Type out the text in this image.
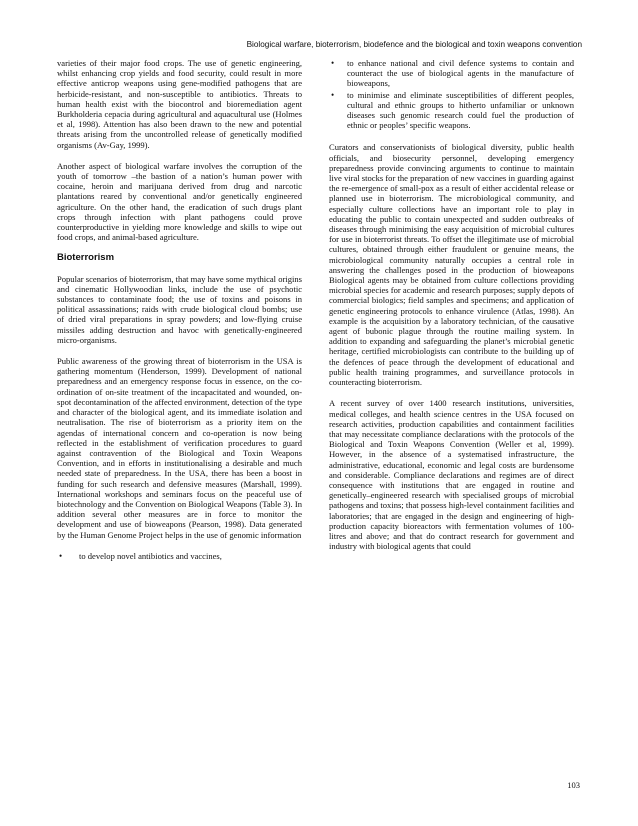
Biological warfare, bioterrorism, biodefence and the biological and toxin weapons convention

varieties of their major food crops. The use of genetic engineering, whilst enhancing crop yields and food security, could result in more effective anticrop weapons using gene-modified pathogens that are herbicide-resistant, and non-susceptible to antibiotics. Threats to human health exist with the biocontrol and bioremediation agent Burkholderia cepacia during agricultural and aquacultural use (Holmes et al, 1998). Attention has also been drawn to the new and potential threats arising from the uncontrolled release of genetically modified organisms (Av-Gay, 1999).

Another aspect of biological warfare involves the corruption of the youth of tomorrow –the bastion of a nation’s human power with cocaine, heroin and marijuana derived from drug and narcotic plantations reared by conventional and/or genetically engineered agriculture. On the other hand, the eradication of such drugs plant crops through infection with plant pathogens could prove counterproductive in yielding more knowledge and skills to wipe out food crops, and animal-based agriculture.

Bioterrorism

Popular scenarios of bioterrorism, that may have some mythical origins and cinematic Hollywoodian links, include the use of psychotic substances to contaminate food; the use of toxins and poisons in political assassinations; raids with crude biological cloud bombs; use of dried viral preparations in spray powders; and low-flying cruise missiles adding destruction and havoc with genetically-engineered micro-organisms.

Public awareness of the growing threat of bioterrorism in the USA is gathering momentum (Henderson, 1999). Development of national preparedness and an emergency response focus in essence, on the co-ordination of on-site treatment of the incapacitated and wounded, on-spot decontamination of the affected environment, detection of the type and character of the biological agent, and its immediate isolation and neutralisation. The rise of bioterrorism as a priority item on the agendas of international concern and co-operation is now being reflected in the establishment of verification procedures to guard against contravention of the Biological and Toxin Weapons Convention, and in efforts in institutionalising a desirable and much needed state of preparedness. In the USA, there has been a boost in funding for such research and defensive measures (Marshall, 1999). International workshops and seminars focus on the peaceful use of biotechnology and the Convention on Biological Weapons (Table 3). In addition several other measures are in force to monitor the development and use of bioweapons (Pearson, 1998). Data generated by the Human Genome Project helps in the use of genomic information

• to develop novel antibiotics and vaccines,
• to enhance national and civil defence systems to contain and counteract the use of biological agents in the manufacture of bioweapons,
• to minimise and eliminate susceptibilities of different peoples, cultural and ethnic groups to hitherto unfamiliar or unknown diseases such genomic research could fuel the production of ethnic or peoples’ specific weapons.

Curators and conservationists of biological diversity, public health officials, and biosecurity personnel, developing emergency preparedness provide convincing arguments to continue to maintain live viral stocks for the preparation of new vaccines in guarding against the re-emergence of small-pox as a result of either accidental release or planned use in bioterrorism. The microbiological community, and especially culture collections have an important role to play in educating the public to contain unexpected and sudden outbreaks of diseases through minimising the easy acquisition of microbial cultures for use in bioterrorist threats. To offset the illegitimate use of microbial cultures, obtained through either fraudulent or genuine means, the microbiological community naturally occupies a central role in answering the challenges posed in the production of bioweapons Biological agents may be obtained from culture collections providing microbial species for academic and research purposes; supply depots of commercial biologics; field samples and specimens; and application of genetic engineering protocols to enhance virulence (Atlas, 1998). An example is the acquisition by a laboratory technician, of the causative agent of bubonic plague through the routine mailing system. In addition to expanding and safeguarding the planet’s microbial genetic heritage, certified microbiologists can contribute to the building up of the defences of peace through the development of educational and public health training programmes, and surveillance protocols in counteracting bioterrorism.

A recent survey of over 1400 research institutions, universities, medical colleges, and health science centres in the USA focused on research activities, production capabilities and containment facilities that may necessitate compliance declarations with the protocols of the Biological and Toxin Weapons Convention (Weller et al, 1999). However, in the absence of a systematised infrastructure, the administrative, educational, economic and legal costs are burdensome and considerable. Compliance declarations and regimes are of direct consequence with institutions that are engaged in routine and genetically–engineered research with specialised groups of microbial pathogens and toxins; that possess high-level containment facilities and laboratories; that are engaged in the design and engineering of high-production capacity bioreactors with fermentation volumes of 100-litres and above; and that do contract research for government and industry with biological agents that could

103
